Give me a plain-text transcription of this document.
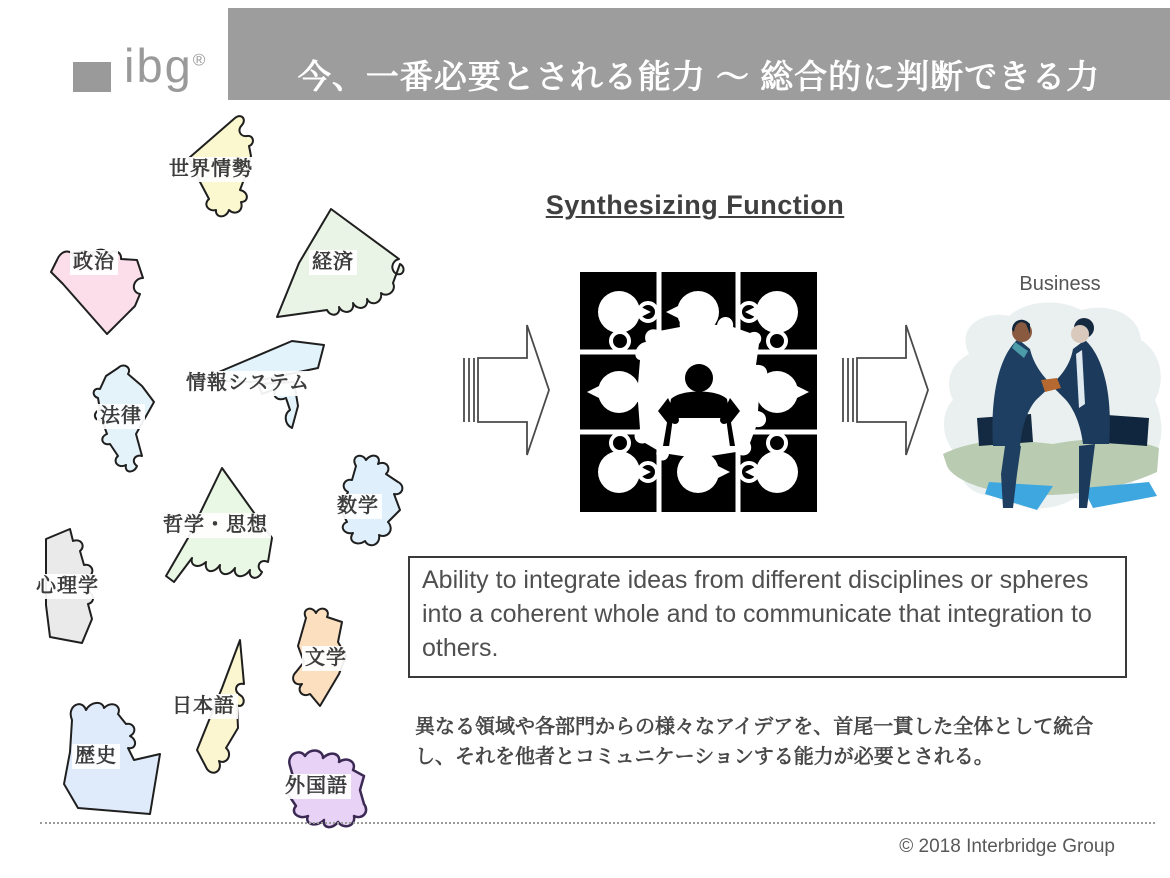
ibg®	今、一番必要とされる能力 ～ 総合的に判断できる力
世界情勢
政治	経済
情報システム
法律
哲学・思想
数学
心理学
文学
日本語
歴史
外国語
Synthesizing Function
Business
Ability to integrate ideas from different disciplines or spheres into a coherent whole and to communicate that integration to others.
異なる領域や各部門からの様々なアイデアを、首尾一貫した全体として統合し、それを他者とコミュニケーションする能力が必要とされる。
© 2018 Interbridge Group
